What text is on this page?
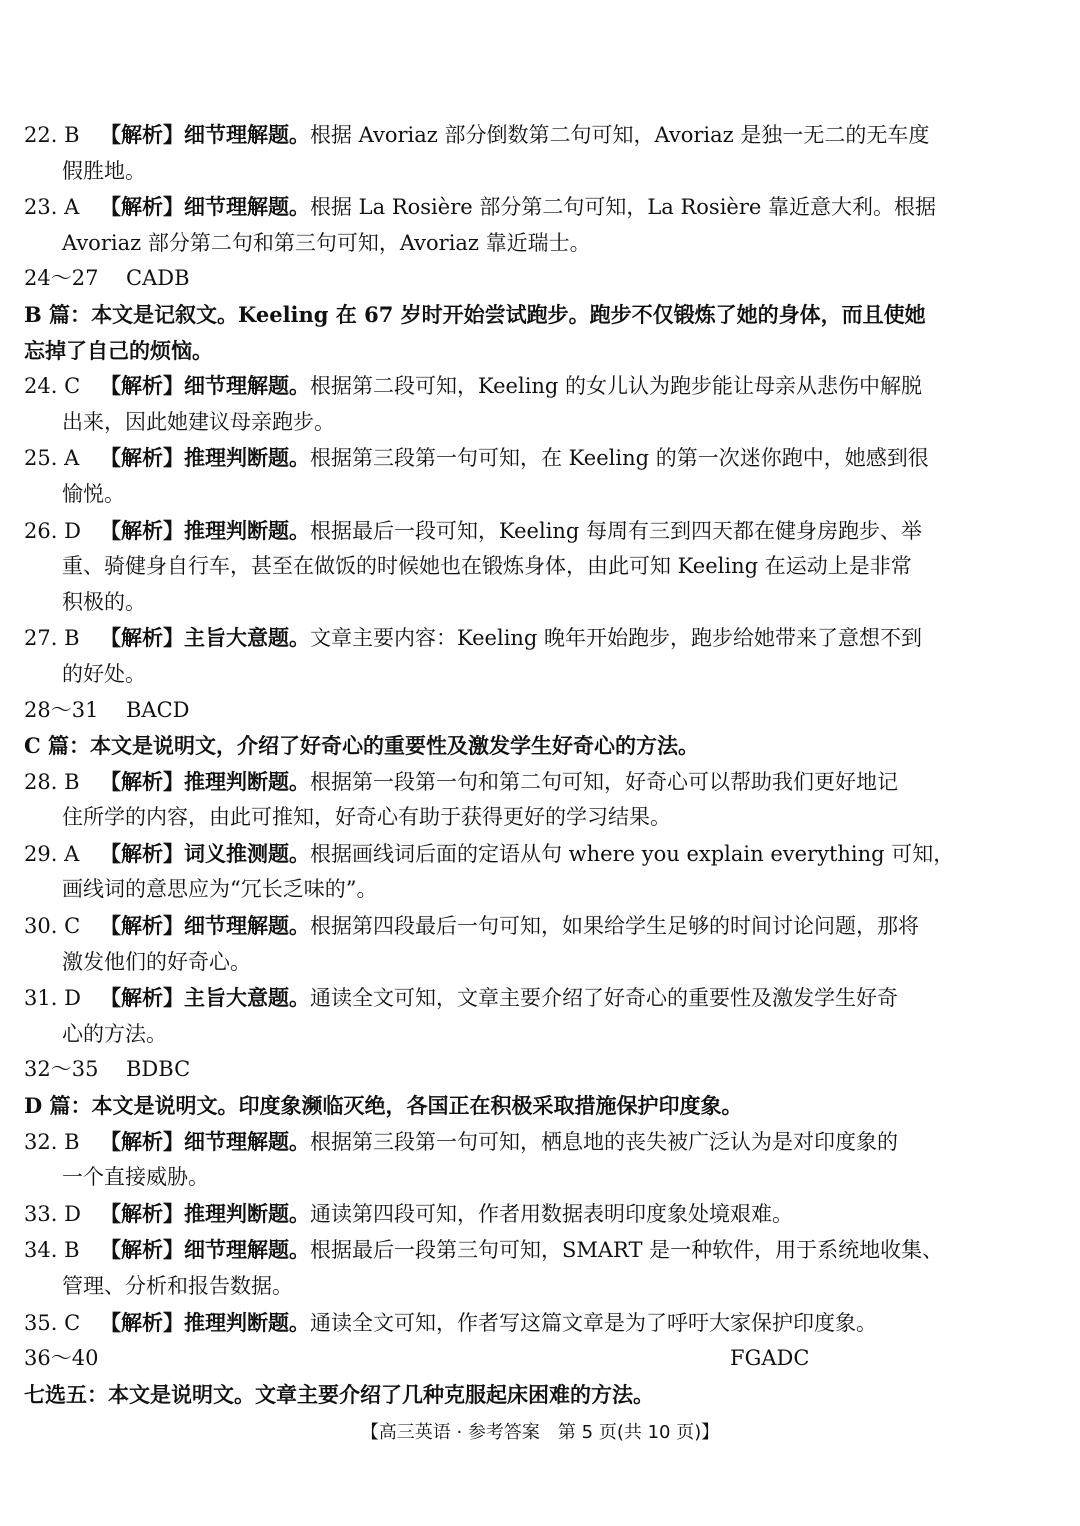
22. B 【解析】细节理解题。根据 Avoriaz 部分倒数第二句可知，Avoriaz 是独一无二的无车度
假胜地。
23. A 【解析】细节理解题。根据 La Rosière 部分第二句可知，La Rosière 靠近意大利。根据
Avoriaz 部分第二句和第三句可知，Avoriaz 靠近瑞士。
24～27 CADB
B 篇：本文是记叙文。Keeling 在 67 岁时开始尝试跑步。跑步不仅锻炼了她的身体，而且使她
忘掉了自己的烦恼。
24. C 【解析】细节理解题。根据第二段可知，Keeling 的女儿认为跑步能让母亲从悲伤中解脱
出来，因此她建议母亲跑步。
25. A 【解析】推理判断题。根据第三段第一句可知，在 Keeling 的第一次迷你跑中，她感到很
愉悦。
26. D 【解析】推理判断题。根据最后一段可知，Keeling 每周有三到四天都在健身房跑步、举
重、骑健身自行车，甚至在做饭的时候她也在锻炼身体，由此可知 Keeling 在运动上是非常
积极的。
27. B 【解析】主旨大意题。文章主要内容：Keeling 晚年开始跑步，跑步给她带来了意想不到
的好处。
28～31 BACD
C 篇：本文是说明文，介绍了好奇心的重要性及激发学生好奇心的方法。
28. B 【解析】推理判断题。根据第一段第一句和第二句可知，好奇心可以帮助我们更好地记
住所学的内容，由此可推知，好奇心有助于获得更好的学习结果。
29. A 【解析】词义推测题。根据画线词后面的定语从句 where you explain everything 可知，
画线词的意思应为“冗长乏味的”。
30. C 【解析】细节理解题。根据第四段最后一句可知，如果给学生足够的时间讨论问题，那将
激发他们的好奇心。
31. D 【解析】主旨大意题。通读全文可知，文章主要介绍了好奇心的重要性及激发学生好奇
心的方法。
32～35 BDBC
D 篇：本文是说明文。印度象濒临灭绝，各国正在积极采取措施保护印度象。
32. B 【解析】细节理解题。根据第三段第一句可知，栖息地的丧失被广泛认为是对印度象的
一个直接威胁。
33. D 【解析】推理判断题。通读第四段可知，作者用数据表明印度象处境艰难。
34. B 【解析】细节理解题。根据最后一段第三句可知，SMART 是一种软件，用于系统地收集、
管理、分析和报告数据。
35. C 【解析】推理判断题。通读全文可知，作者写这篇文章是为了呼吁大家保护印度象。
36～40	FGADC
七选五：本文是说明文。文章主要介绍了几种克服起床困难的方法。
【高三英语 · 参考答案　第 5 页(共 10 页)】
